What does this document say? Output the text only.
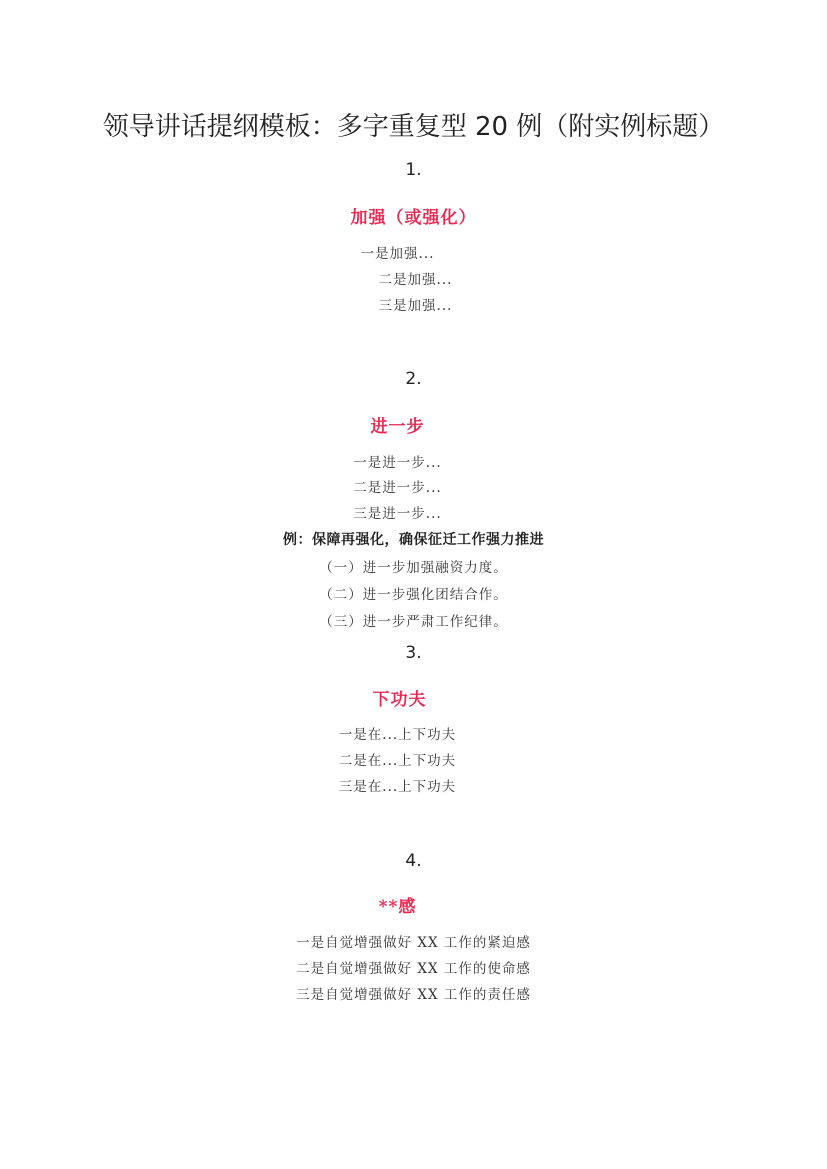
领导讲话提纲模板：多字重复型 20 例（附实例标题）
1.
加强（或强化）
一是加强...
二是加强...
三是加强...
2.
进一步
一是进一步...
二是进一步...
三是进一步...
例：保障再强化，确保征迁工作强力推进
（一）进一步加强融资力度。
（二）进一步强化团结合作。
（三）进一步严肃工作纪律。
3.
下功夫
一是在...上下功夫
二是在...上下功夫
三是在...上下功夫
4.
**感
一是自觉增强做好 XX 工作的紧迫感
二是自觉增强做好 XX 工作的使命感
三是自觉增强做好 XX 工作的责任感
